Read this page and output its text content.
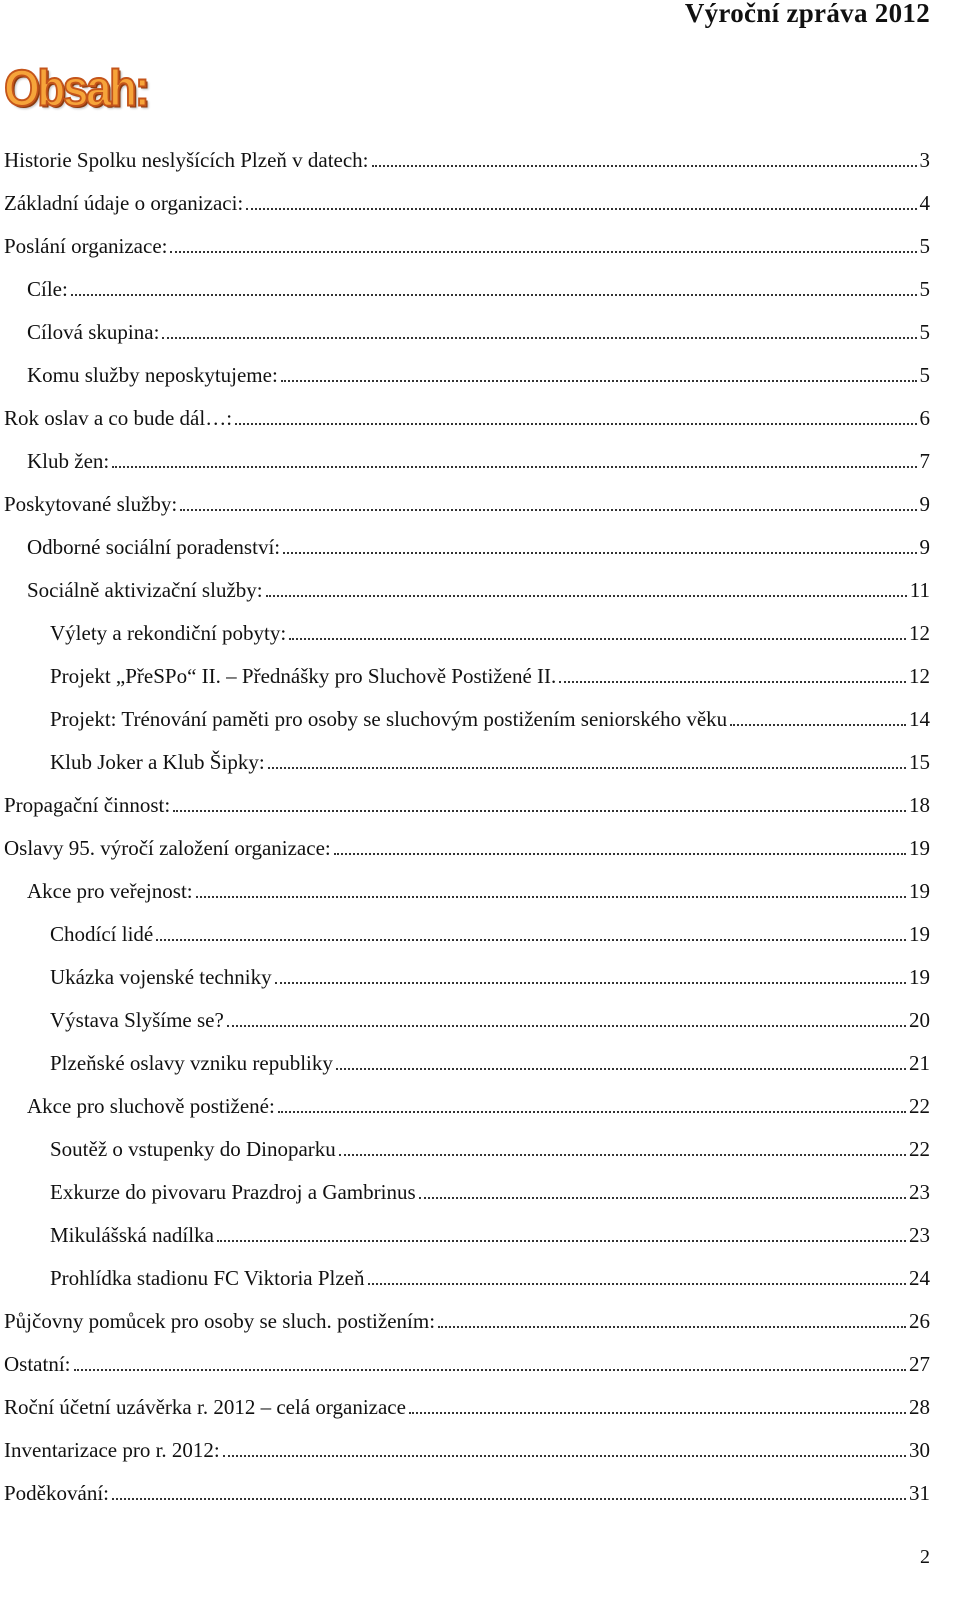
Výroční zpráva 2012
Obsah:
Historie Spolku neslyšících Plzeň v datech:	3
Základní údaje o organizaci:	4
Poslání organizace:	5
Cíle:	5
Cílová skupina:	5
Komu služby neposkytujeme:	5
Rok oslav a co bude dál…:	6
Klub žen:	7
Poskytované služby:	9
Odborné sociální poradenství:	9
Sociálně aktivizační služby:	11
Výlety a rekondiční pobyty:	12
Projekt „PřeSPo“ II. – Přednášky pro Sluchově Postižené II.	12
Projekt: Trénování paměti pro osoby se sluchovým postižením seniorského věku	14
Klub Joker a Klub Šipky:	15
Propagační činnost:	18
Oslavy 95. výročí založení organizace:	19
Akce pro veřejnost:	19
Chodící lidé	19
Ukázka vojenské techniky	19
Výstava Slyšíme se?	20
Plzeňské oslavy vzniku republiky	21
Akce pro sluchově postižené:	22
Soutěž o vstupenky do Dinoparku	22
Exkurze do pivovaru Prazdroj a Gambrinus	23
Mikulášská nadílka	23
Prohlídka stadionu FC Viktoria Plzeň	24
Půjčovny pomůcek pro osoby se sluch. postižením:	26
Ostatní:	27
Roční účetní uzávěrka r. 2012 – celá organizace	28
Inventarizace pro r. 2012:	30
Poděkování:	31
2
